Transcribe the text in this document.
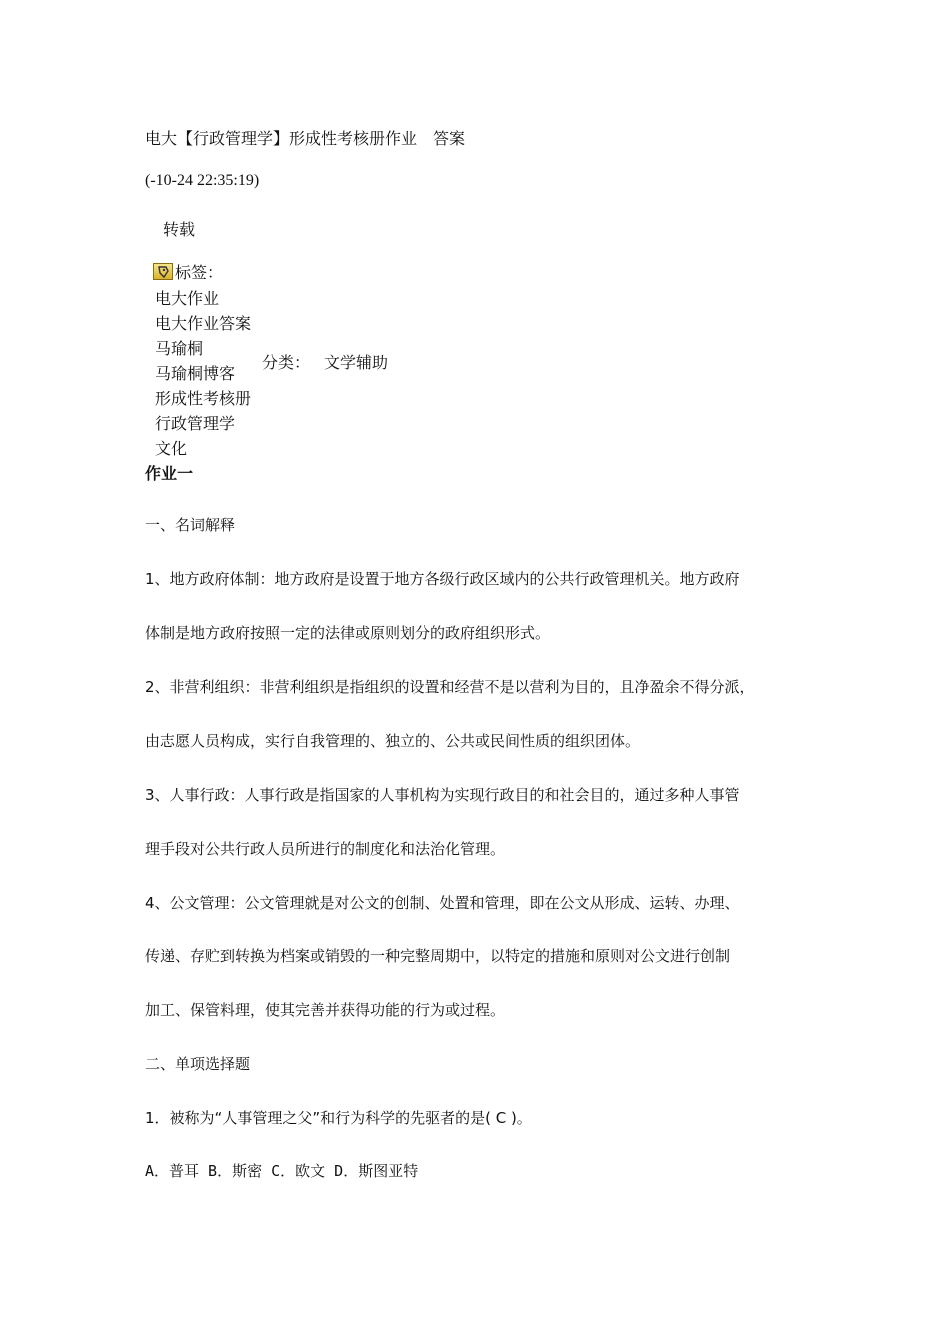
电大【行政管理学】形成性考核册作业　答案
(-10-24 22:35:19)
转载
标签：
电大作业
电大作业答案
马瑜桐
马瑜桐博客
形成性考核册
行政管理学
文化
分类： 文学辅助
作业一
一、名词解释
1、地方政府体制：地方政府是设置于地方各级行政区域内的公共行政管理机关。地方政府
体制是地方政府按照一定的法律或原则划分的政府组织形式。
2、非营利组织：非营利组织是指组织的设置和经营不是以营利为目的，且净盈余不得分派，
由志愿人员构成，实行自我管理的、独立的、公共或民间性质的组织团体。
3、人事行政：人事行政是指国家的人事机构为实现行政目的和社会目的，通过多种人事管
理手段对公共行政人员所进行的制度化和法治化管理。
4、公文管理：公文管理就是对公文的创制、处置和管理，即在公文从形成、运转、办理、
传递、存贮到转换为档案或销毁的一种完整周期中，以特定的措施和原则对公文进行创制
加工、保管料理，使其完善并获得功能的行为或过程。
二、单项选择题
1．被称为“人事管理之父”和行为科学的先驱者的是( C )。
A．普耳 B．斯密 C．欧文 D．斯图亚特
